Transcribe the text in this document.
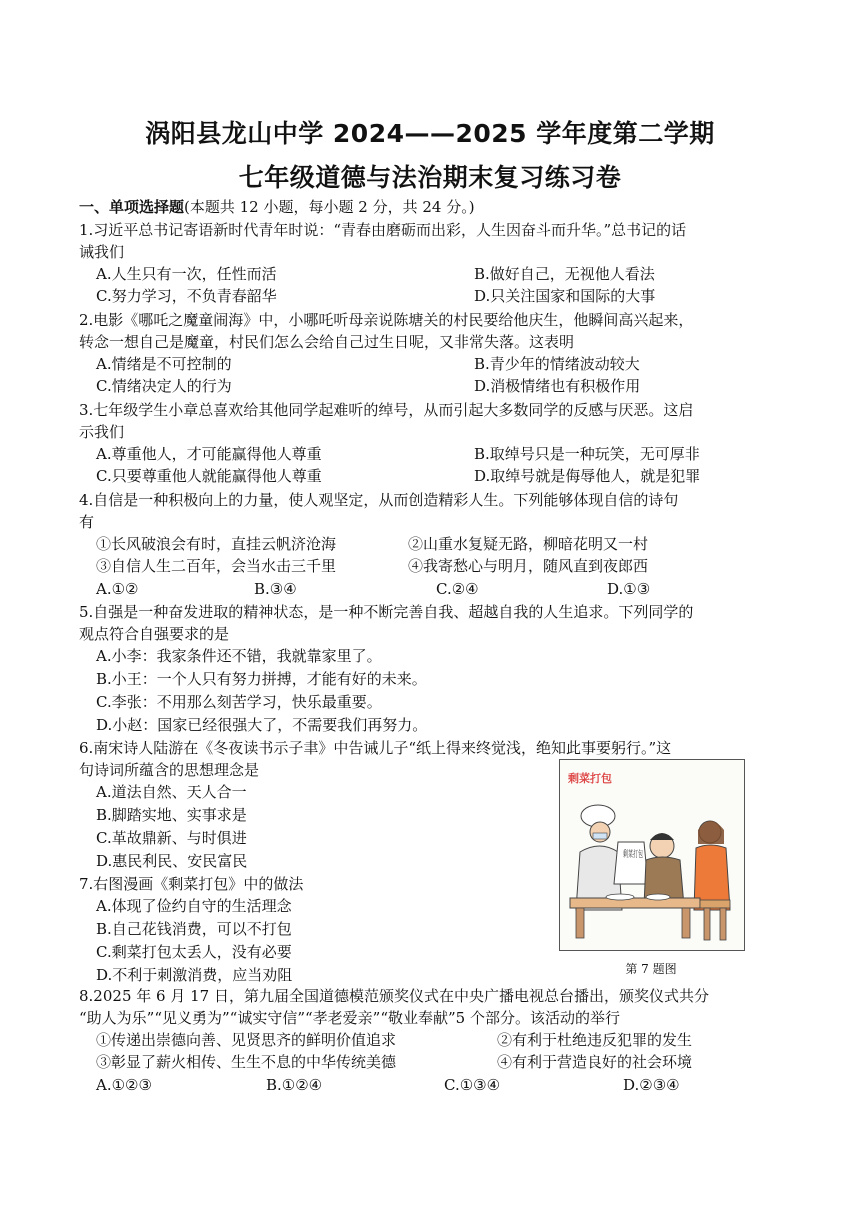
涡阳县龙山中学 2024——2025 学年度第二学期
七年级道德与法治期末复习练习卷
一、单项选择题(本题共 12 小题，每小题 2 分，共 24 分。)
1.习近平总书记寄语新时代青年时说：“青春由磨砺而出彩，人生因奋斗而升华。”总书记的话
诫我们
A.人生只有一次，任性而活	B.做好自己，无视他人看法
C.努力学习，不负青春韶华	D.只关注国家和国际的大事
2.电影《哪吒之魔童闹海》中，小哪吒听母亲说陈塘关的村民要给他庆生，他瞬间高兴起来，
转念一想自己是魔童，村民们怎么会给自己过生日呢，又非常失落。这表明
A.情绪是不可控制的	B.青少年的情绪波动较大
C.情绪决定人的行为	D.消极情绪也有积极作用
3.七年级学生小章总喜欢给其他同学起难听的绰号，从而引起大多数同学的反感与厌恶。这启
示我们
A.尊重他人，才可能赢得他人尊重	B.取绰号只是一种玩笑，无可厚非
C.只要尊重他人就能赢得他人尊重	D.取绰号就是侮辱他人，就是犯罪
4.自信是一种积极向上的力量，使人观坚定，从而创造精彩人生。下列能够体现自信的诗句
有
①长风破浪会有时，直挂云帆济沧海	②山重水复疑无路，柳暗花明又一村
③自信人生二百年，会当水击三千里	④我寄愁心与明月，随风直到夜郎西
A.①②	B.③④	C.②④	D.①③
5.自强是一种奋发进取的精神状态，是一种不断完善自我、超越自我的人生追求。下列同学的
观点符合自强要求的是
A.小李：我家条件还不错，我就靠家里了。
B.小王：一个人只有努力拼搏，才能有好的未来。
C.李张：不用那么刻苦学习，快乐最重要。
D.小赵：国家已经很强大了，不需要我们再努力。
6.南宋诗人陆游在《冬夜读书示子聿》中告诫儿子“纸上得来终觉浅，绝知此事要躬行。”这
句诗词所蕴含的思想理念是
A.道法自然、天人合一
B.脚踏实地、实事求是
C.革故鼎新、与时俱进
D.惠民利民、安民富民
7.右图漫画《剩菜打包》中的做法
A.体现了俭约自守的生活理念
B.自己花钱消费，可以不打包
C.剩菜打包太丢人，没有必要
D.不利于刺激消费，应当劝阻
剩菜打包
剩菜打包
第 7 题图
8.2025 年 6 月 17 日，第九届全国道德模范颁奖仪式在中央广播电视总台播出，颁奖仪式共分
“助人为乐”“见义勇为”“诚实守信”“孝老爱亲”“敬业奉献”5 个部分。该活动的举行
①传递出崇德向善、见贤思齐的鲜明价值追求	②有利于杜绝违反犯罪的发生
③彰显了薪火相传、生生不息的中华传统美德	④有利于营造良好的社会环境
A.①②③	B.①②④	C.①③④	D.②③④
